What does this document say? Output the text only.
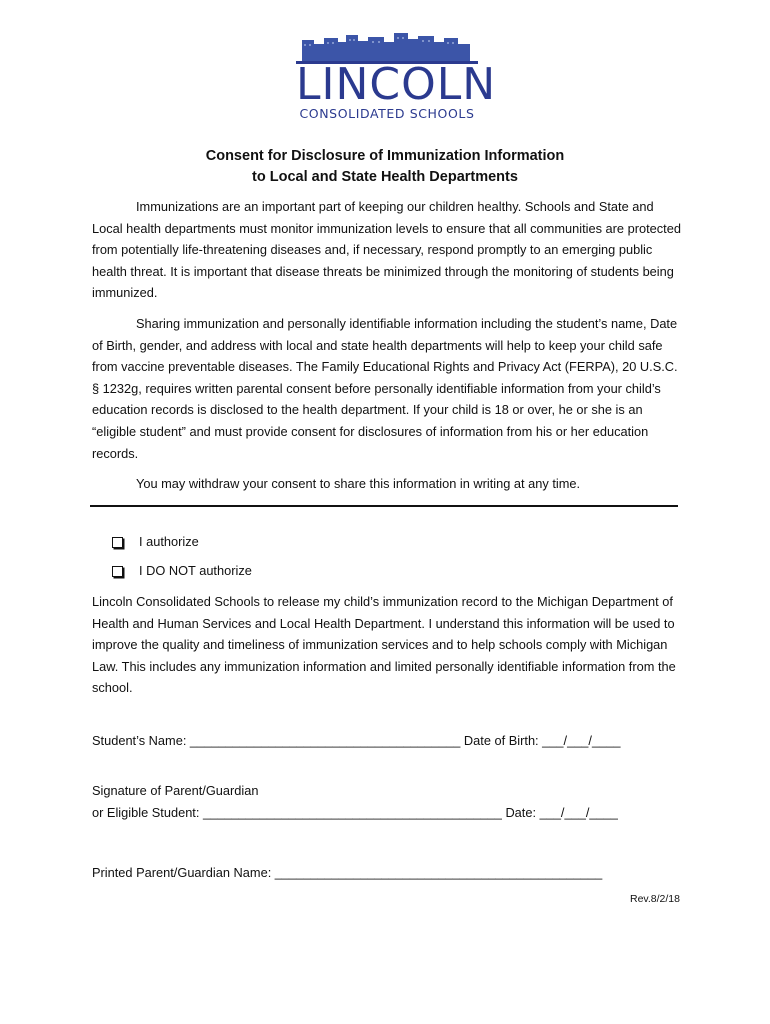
LINCOLN
CONSOLIDATED SCHOOLS
Consent for Disclosure of Immunization Information
to Local and State Health Departments

Immunizations are an important part of keeping our children healthy. Schools and State and Local health departments must monitor immunization levels to ensure that all communities are protected from potentially life-threatening diseases and, if necessary, respond promptly to an emerging public health threat. It is important that disease threats be minimized through the monitoring of students being immunized.

Sharing immunization and personally identifiable information including the student’s name, Date of Birth, gender, and address with local and state health departments will help to keep your child safe from vaccine preventable diseases. The Family Educational Rights and Privacy Act (FERPA), 20 U.S.C. § 1232g, requires written parental consent before personally identifiable information from your child’s education records is disclosed to the health department. If your child is 18 or over, he or she is an “eligible student” and must provide consent for disclosures of information from his or her education records.

You may withdraw your consent to share this information in writing at any time.

I authorize
I DO NOT authorize

Lincoln Consolidated Schools to release my child’s immunization record to the Michigan Department of Health and Human Services and Local Health Department. I understand this information will be used to improve the quality and timeliness of immunization services and to help schools comply with Michigan Law. This includes any immunization information and limited personally identifiable information from the school.

Student’s Name: ______________________________________ Date of Birth: ___/___/____
Signature of Parent/Guardian
or Eligible Student: __________________________________________ Date: ___/___/____
Printed Parent/Guardian Name: ______________________________________________
Rev.8/2/18
